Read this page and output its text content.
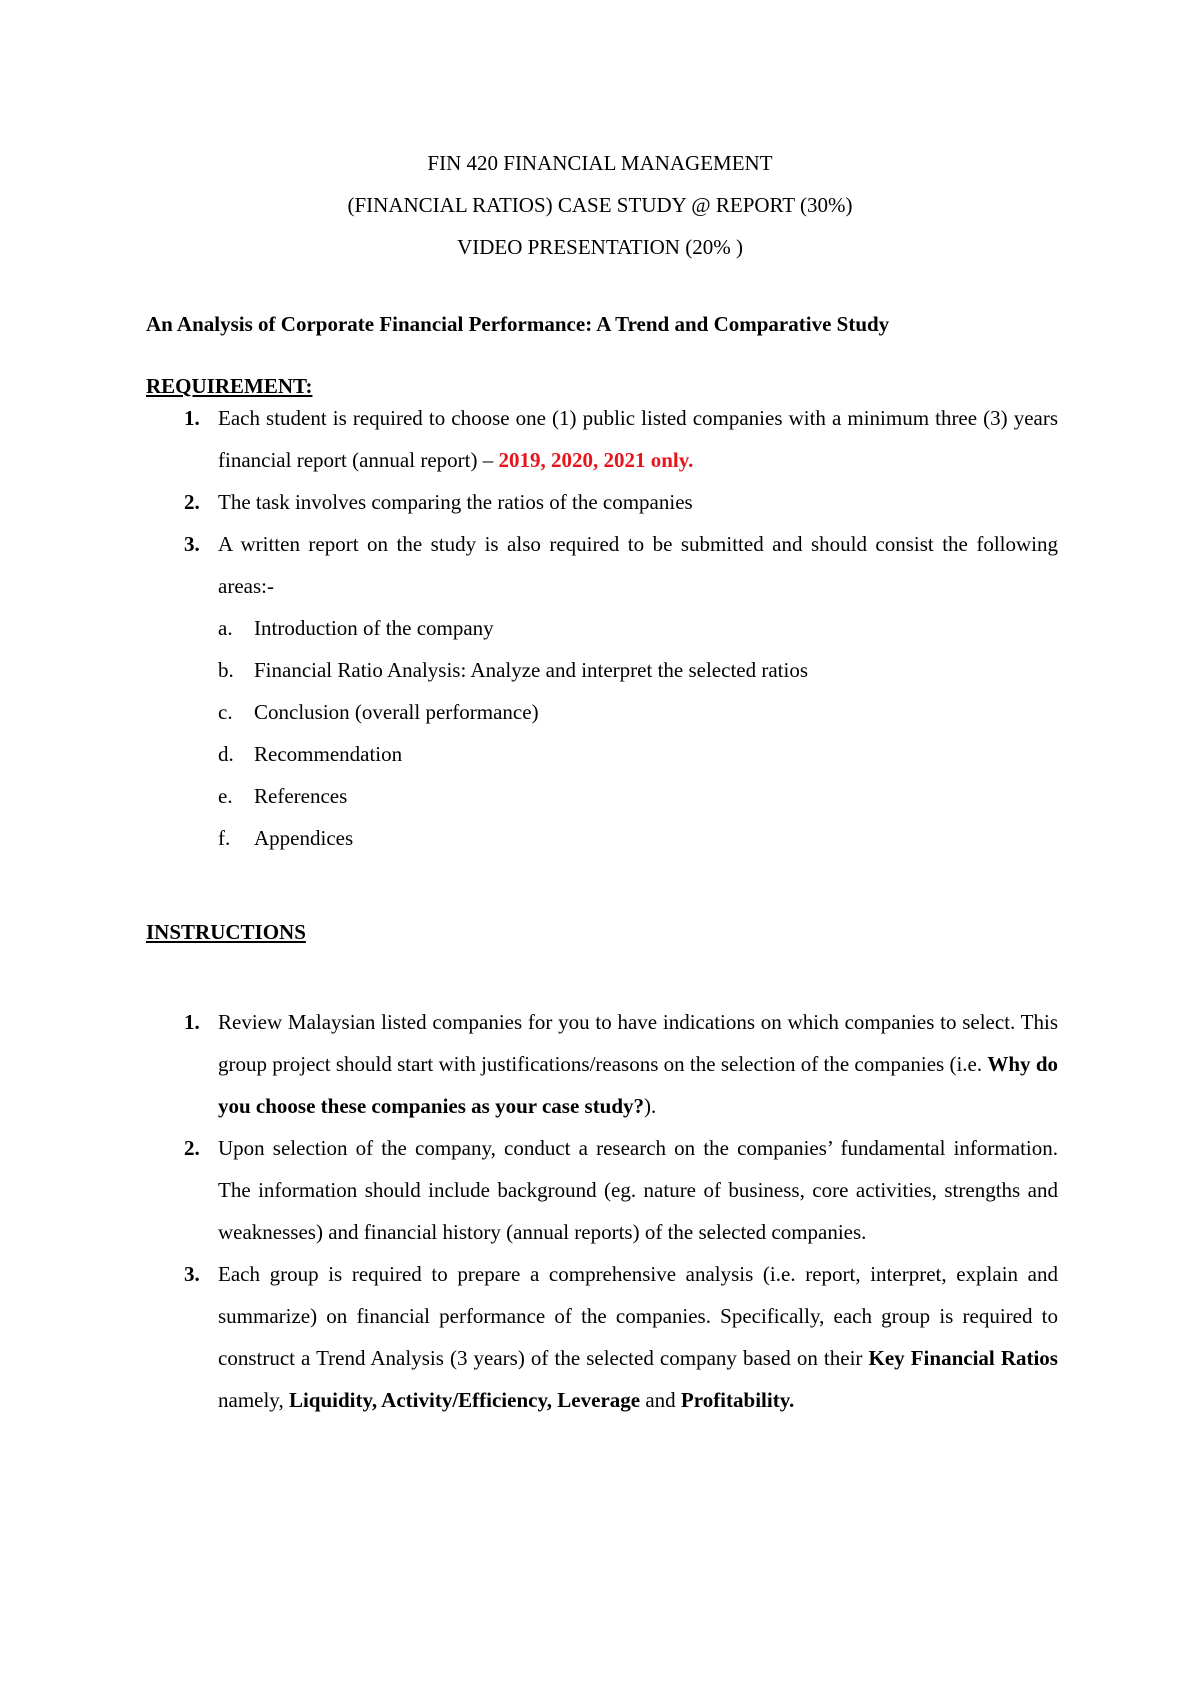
FIN 420 FINANCIAL MANAGEMENT
(FINANCIAL RATIOS) CASE STUDY @ REPORT (30%)
VIDEO PRESENTATION (20% )
An Analysis of Corporate Financial Performance: A Trend and Comparative Study
REQUIREMENT:
1. Each student is required to choose one (1) public listed companies with a minimum three (3) years financial report (annual report) – 2019, 2020, 2021 only.
2. The task involves comparing the ratios of the companies
3. A written report on the study is also required to be submitted and should consist the following areas:-
a. Introduction of the company
b. Financial Ratio Analysis: Analyze and interpret the selected ratios
c. Conclusion (overall performance)
d. Recommendation
e. References
f. Appendices
INSTRUCTIONS
1. Review Malaysian listed companies for you to have indications on which companies to select. This group project should start with justifications/reasons on the selection of the companies (i.e. Why do you choose these companies as your case study?).
2. Upon selection of the company, conduct a research on the companies’ fundamental information. The information should include background (eg. nature of business, core activities, strengths and weaknesses) and financial history (annual reports) of the selected companies.
3. Each group is required to prepare a comprehensive analysis (i.e. report, interpret, explain and summarize) on financial performance of the companies. Specifically, each group is required to construct a Trend Analysis (3 years) of the selected company based on their Key Financial Ratios namely, Liquidity, Activity/Efficiency, Leverage and Profitability.
